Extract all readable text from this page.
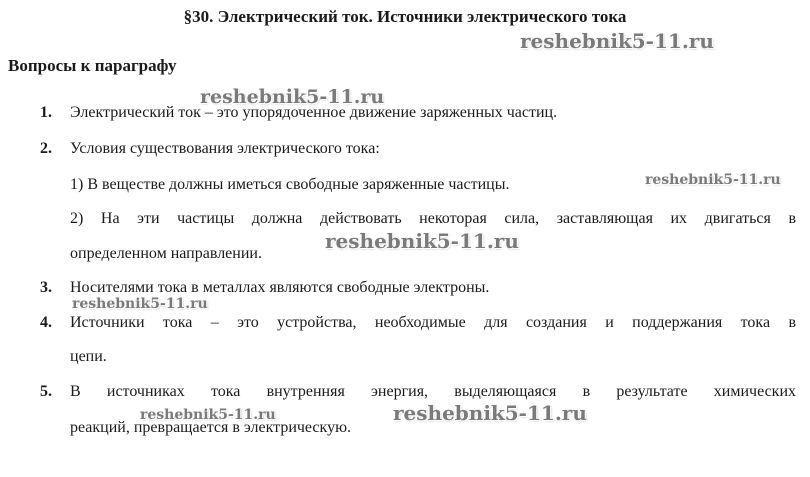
§30. Электрический ток. Источники электрического тока
Вопросы к параграфу
1. Электрический ток – это упорядоченное движение заряженных частиц.
2. Условия существования электрического тока:
1) В веществе должны иметься свободные заряженные частицы.
2) На эти частицы должна действовать некоторая сила, заставляющая их двигаться в
определенном направлении.
3. Носителями тока в металлах являются свободные электроны.
4. Источники тока – это устройства, необходимые для создания и поддержания тока в
цепи.
5. В источниках тока внутренняя энергия, выделяющаяся в результате химических
реакций, превращается в электрическую.
reshebnik5-11.ru
reshebnik5-11.ru
reshebnik5-11.ru
reshebnik5-11.ru
reshebnik5-11.ru
reshebnik5-11.ru	reshebnik5-11.ru
